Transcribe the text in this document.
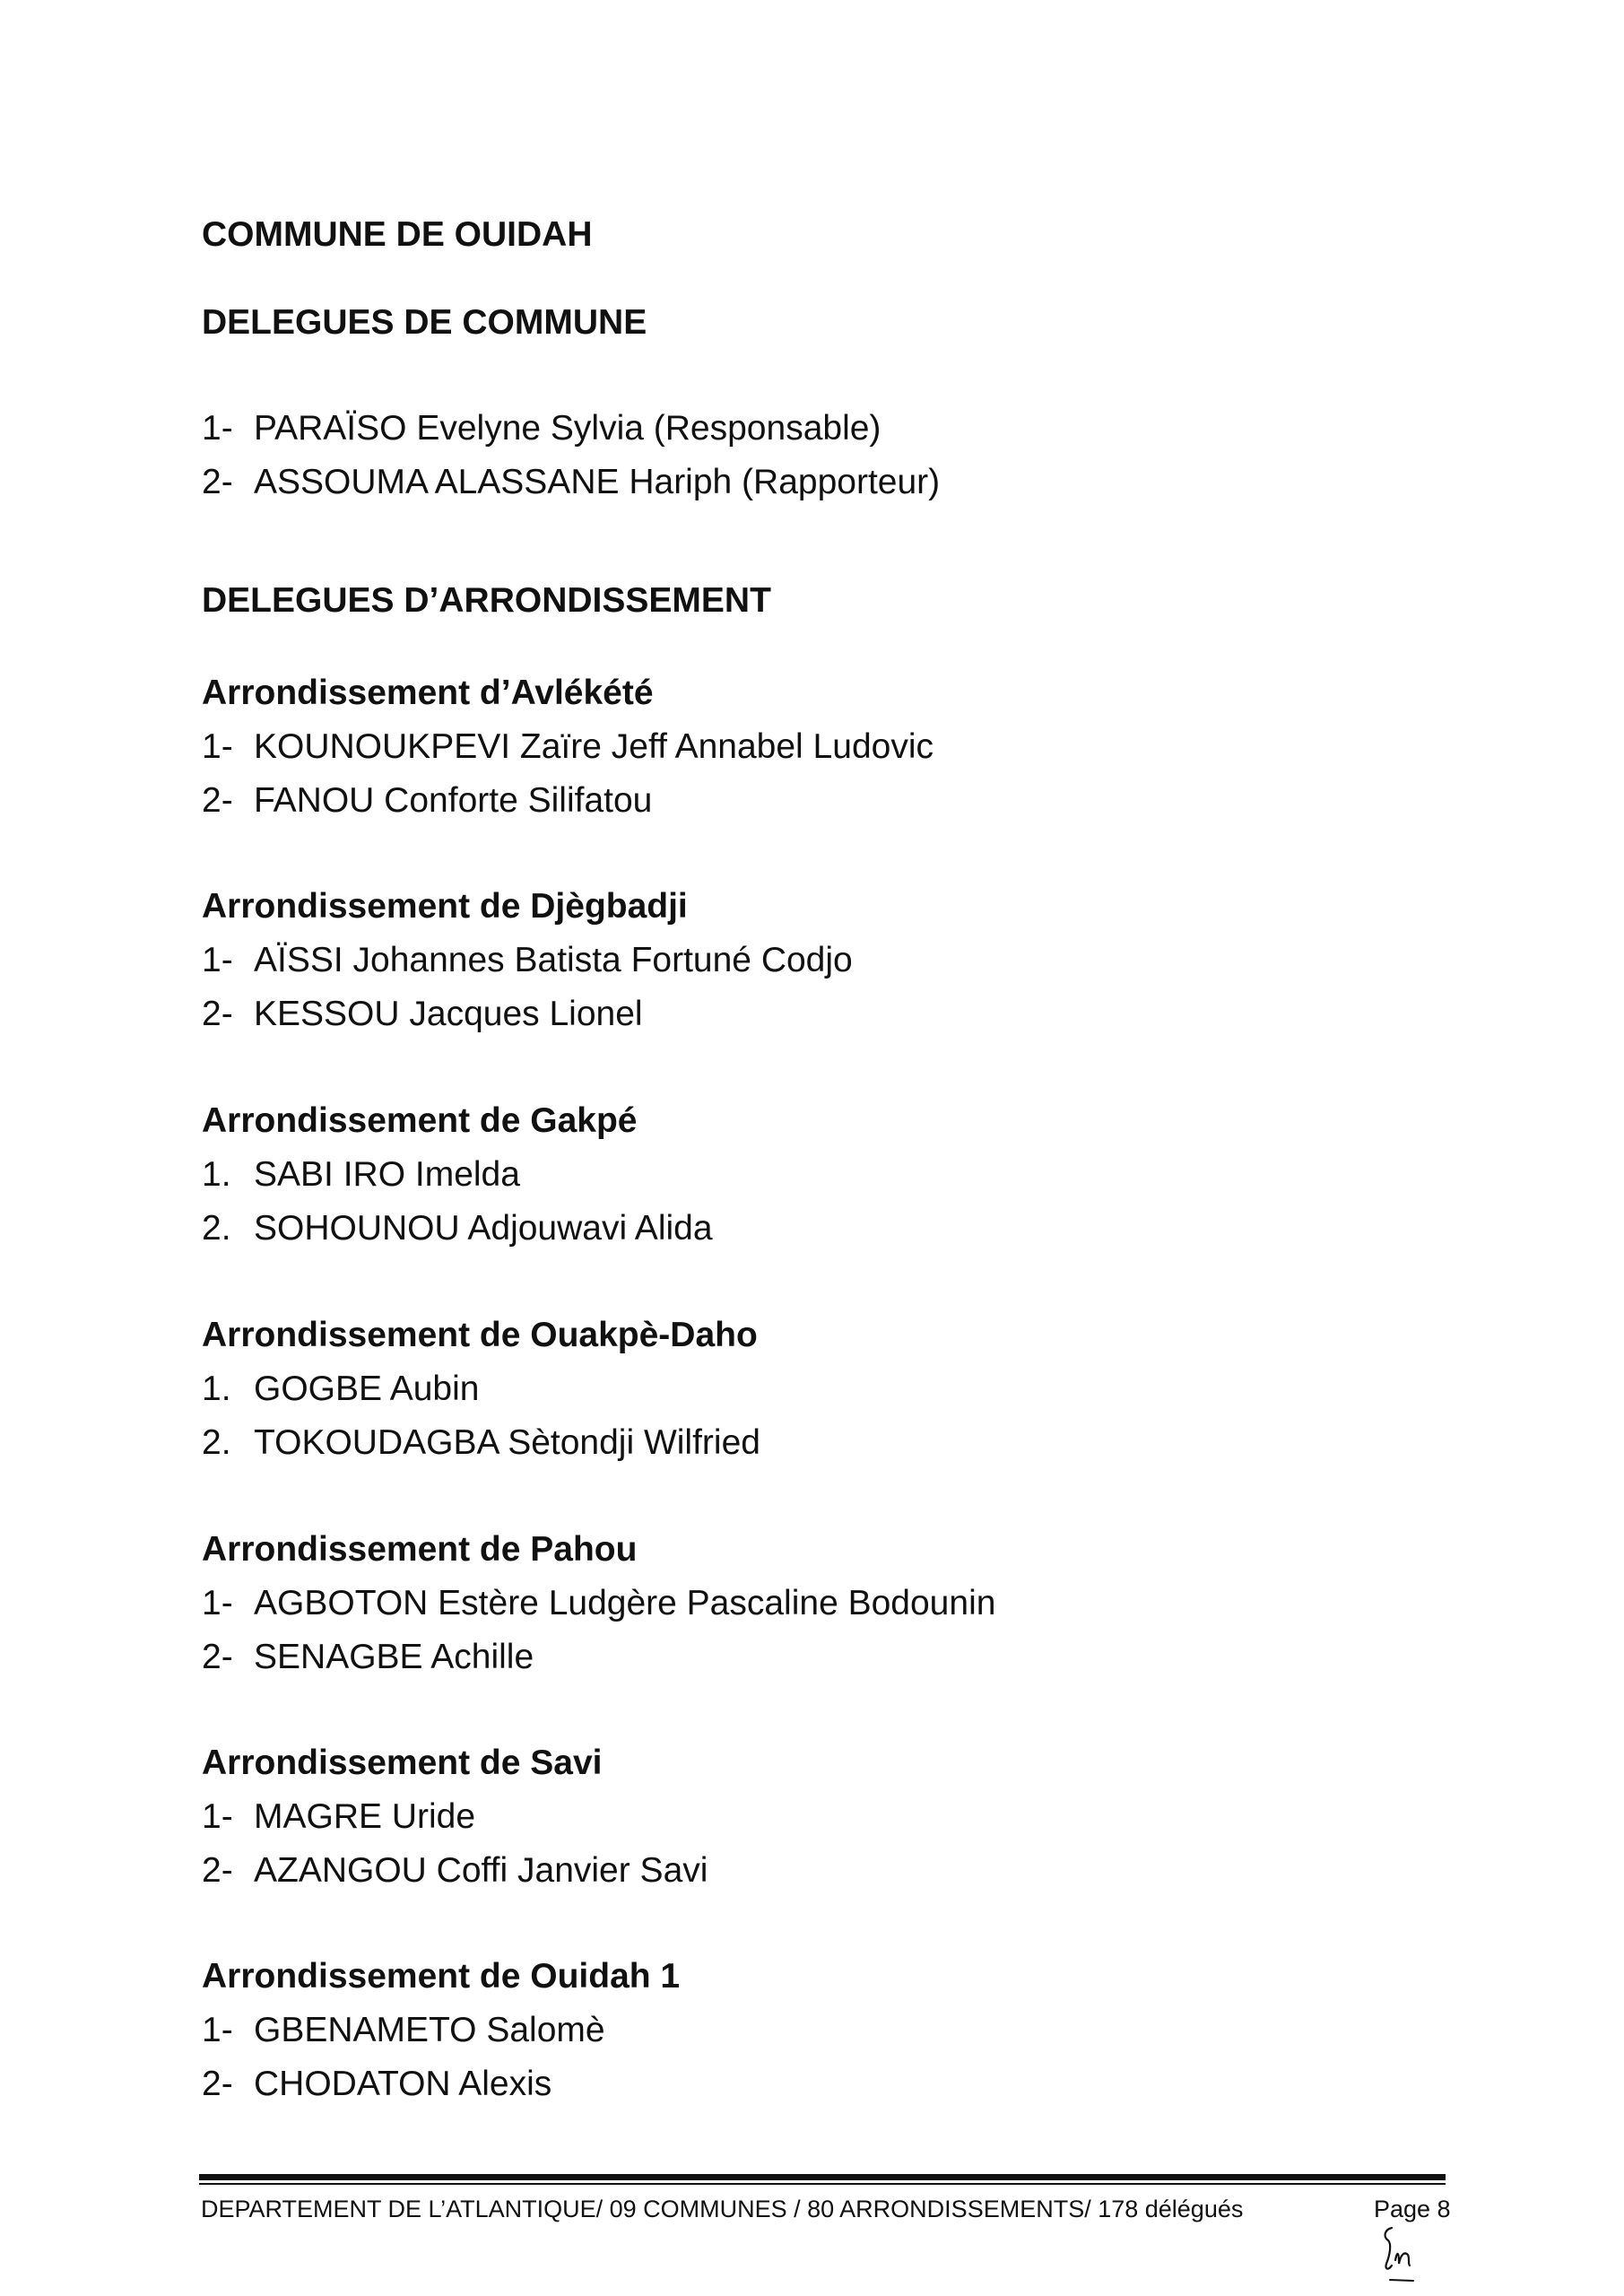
COMMUNE DE OUIDAH

DELEGUES DE COMMUNE

1- PARAÏSO Evelyne Sylvia (Responsable)
2- ASSOUMA ALASSANE Hariph (Rapporteur)

DELEGUES D’ARRONDISSEMENT

Arrondissement d’Avlékété

1- KOUNOUKPEVI Zaïre Jeff Annabel Ludovic
2- FANOU Conforte Silifatou

Arrondissement de Djègbadji

1- AÏSSI Johannes Batista Fortuné Codjo
2- KESSOU Jacques Lionel

Arrondissement de Gakpé

1. SABI IRO Imelda
2. SOHOUNOU Adjouwavi Alida

Arrondissement de Ouakpè-Daho

1. GOGBE Aubin
2. TOKOUDAGBA Sètondji Wilfried

Arrondissement de Pahou

1- AGBOTON Estère Ludgère Pascaline Bodounin
2- SENAGBE Achille

Arrondissement de Savi

1- MAGRE Uride
2- AZANGOU Coffi Janvier Savi

Arrondissement de Ouidah 1

1- GBENAMETO Salomè
2- CHODATON Alexis
DEPARTEMENT DE L’ATLANTIQUE/ 09 COMMUNES / 80 ARRONDISSEMENTS/ 178 délégués	Page 8
